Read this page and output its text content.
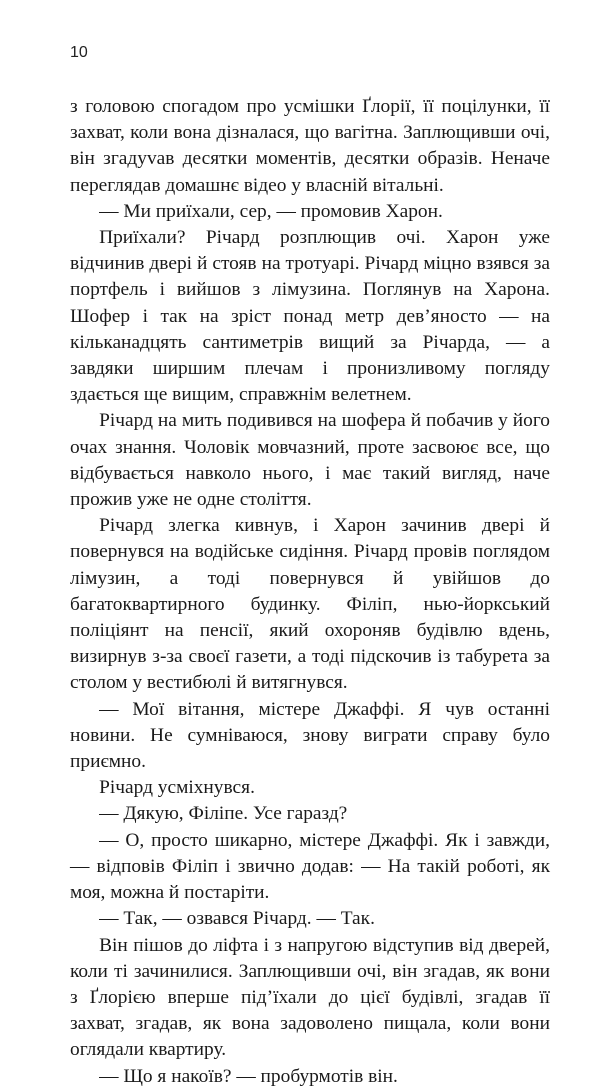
10

з головою спогадом про усмішки Ґлорії, її поцілунки, її захват, коли вона дізналася, що вагітна. Заплющивши очі, він згадуvав десятки моментів, десятки образів. Неначе переглядав домашнє відео у власній вітальні.

— Ми приїхали, сер, — промовив Харон.

Приїхали? Річард розплющив очі. Харон уже відчинив двері й стояв на тротуарі. Річард міцно взявся за портфель і вийшов з лімузина. Поглянув на Харона. Шофер і так на зріст понад метр дев’яносто — на кільканадцять сантиметрів вищий за Річарда, — а завдяки ширшим плечам і пронизливому погляду здається ще вищим, справжнім велетнем.

Річард на мить подивився на шофера й побачив у його очах знання. Чоловік мовчазний, проте засвоює все, що відбувається навколо нього, і має такий вигляд, наче прожив уже не одне століття.

Річард злегка кивнув, і Харон зачинив двері й повернувся на водійське сидіння. Річард провів поглядом лімузин, а тоді повернувся й увійшов до багатоквартирного будинку. Філіп, нью-йоркський поліціянт на пенсії, який охороняв будівлю вдень, визирнув з-за своєї газети, а тоді підскочив із табурета за столом у вестибюлі й витягнувся.

— Мої вітання, містере Джаффі. Я чув останні новини. Не сумніваюся, знову виграти справу було приємно.

Річард усміхнувся.

— Дякую, Філіпе. Усе гаразд?

— О, просто шикарно, містере Джаффі. Як і завжди, — відповів Філіп і звично додав: — На такій роботі, як моя, можна й постаріти.

— Так, — озвався Річард. — Так.

Він пішов до ліфта і з напругою відступив від дверей, коли ті зачинилися. Заплющивши очі, він згадав, як вони з Ґлорією вперше під’їхали до цієї будівлі, згадав її захват, згадав, як вона задоволено пищала, коли вони оглядали квартиру.

— Що я накоїв? — пробурмотів він.
